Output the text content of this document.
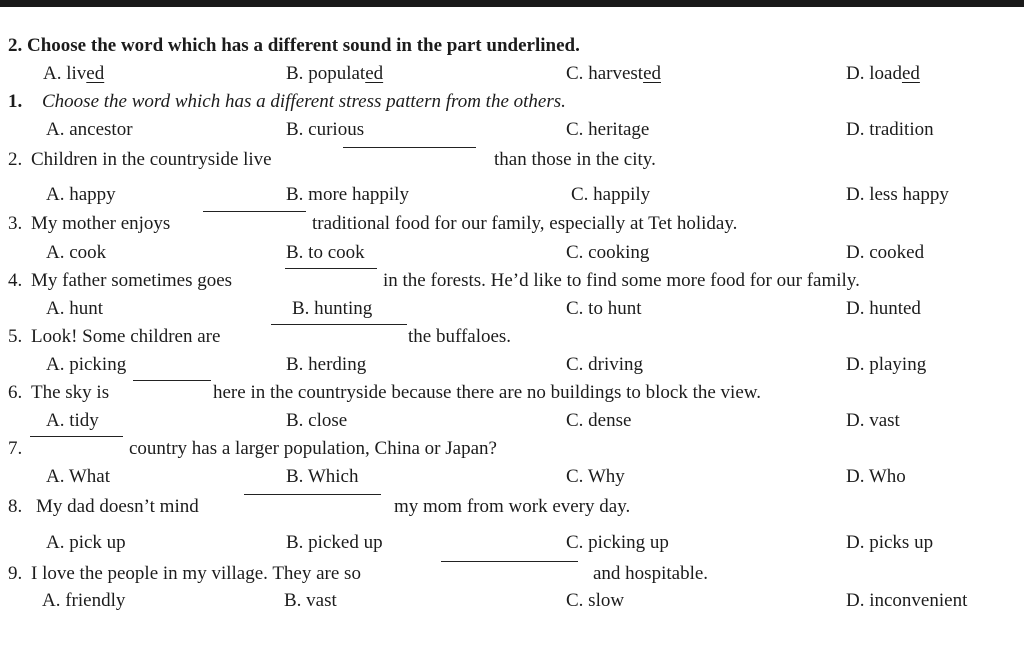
2. Choose the word which has a different sound in the part underlined.
A. lived	B. populated	C. harvested	D. loaded
1. Choose the word which has a different stress pattern from the others.
A. ancestor	B. curious	C. heritage	D. tradition
2. Children in the countryside live	than those in the city.
A. happy	B. more happily	C. happily	D. less happy
3. My mother enjoys	traditional food for our family, especially at Tet holiday.
A. cook	B. to cook	C. cooking	D. cooked
4. My father sometimes goes	in the forests. He’d like to find some more food for our family.
A. hunt	B. hunting	C. to hunt	D. hunted
5. Look! Some children are	the buffaloes.
A. picking	B. herding	C. driving	D. playing
6. The sky is	here in the countryside because there are no buildings to block the view.
A. tidy	B. close	C. dense	D. vast
7.	country has a larger population, China or Japan?
A. What	B. Which	C. Why	D. Who
8. My dad doesn’t mind	my mom from work every day.
A. pick up	B. picked up	C. picking up	D. picks up
9. I love the people in my village. They are so	and hospitable.
A. friendly	B. vast	C. slow	D. inconvenient
